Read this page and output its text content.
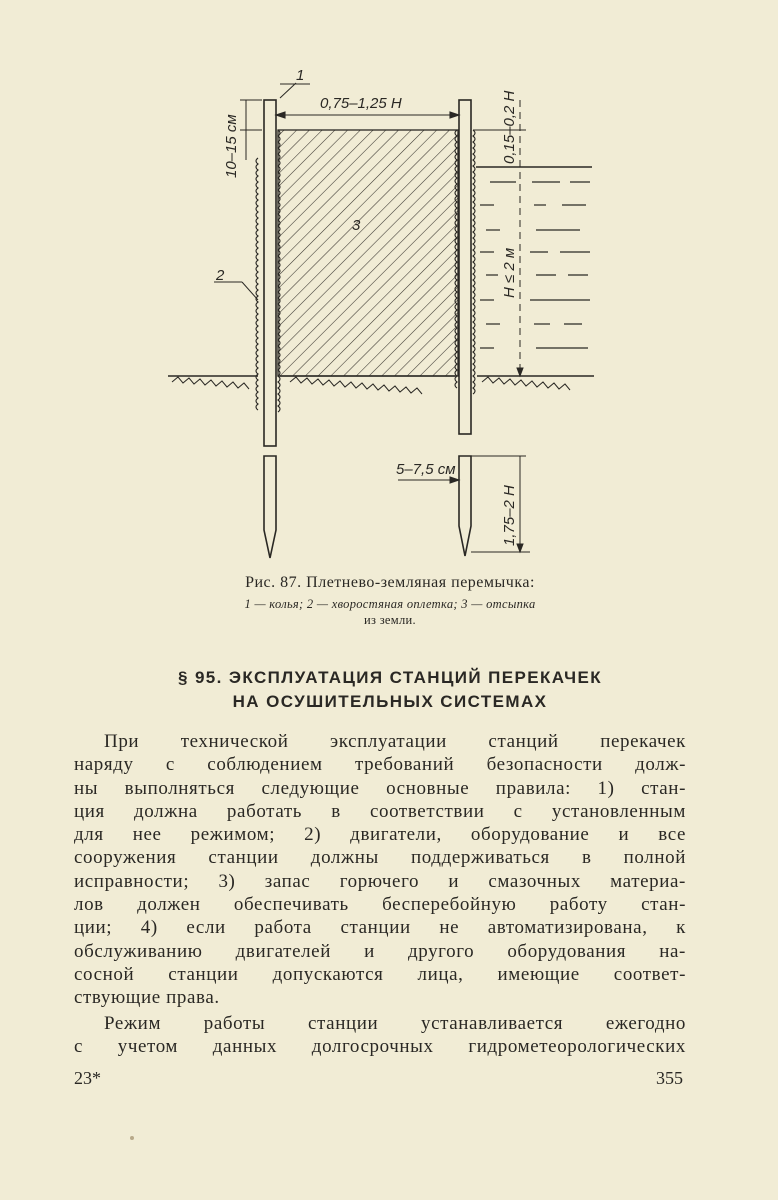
0,75–1,25 H
1
2
3
10–15 см	0,15–0,2 H
H ≤ 2 м
1,75–2 H
5–7,5 см
Рис. 87. Плетнево-земляная перемычка:
1 — колья; 2 — хворостяная оплетка; 3 — отсыпка
из земли.
§ 95. ЭКСПЛУАТАЦИЯ СТАНЦИЙ ПЕРЕКАЧЕК
НА ОСУШИТЕЛЬНЫХ СИСТЕМАХ
При технической эксплуатации станций перекачек
наряду с соблюдением требований безопасности долж-
ны выполняться следующие основные правила: 1) стан-
ция должна работать в соответствии с установленным
для нее режимом; 2) двигатели, оборудование и все
сооружения станции должны поддерживаться в полной
исправности; 3) запас горючего и смазочных материа-
лов должен обеспечивать бесперебойную работу стан-
ции; 4) если работа станции не автоматизирована, к
обслуживанию двигателей и другого оборудования на-
сосной станции допускаются лица, имеющие соответ-
ствующие права.
Режим работы станции устанавливается ежегодно
с учетом данных долгосрочных гидрометеорологических
23*	355
